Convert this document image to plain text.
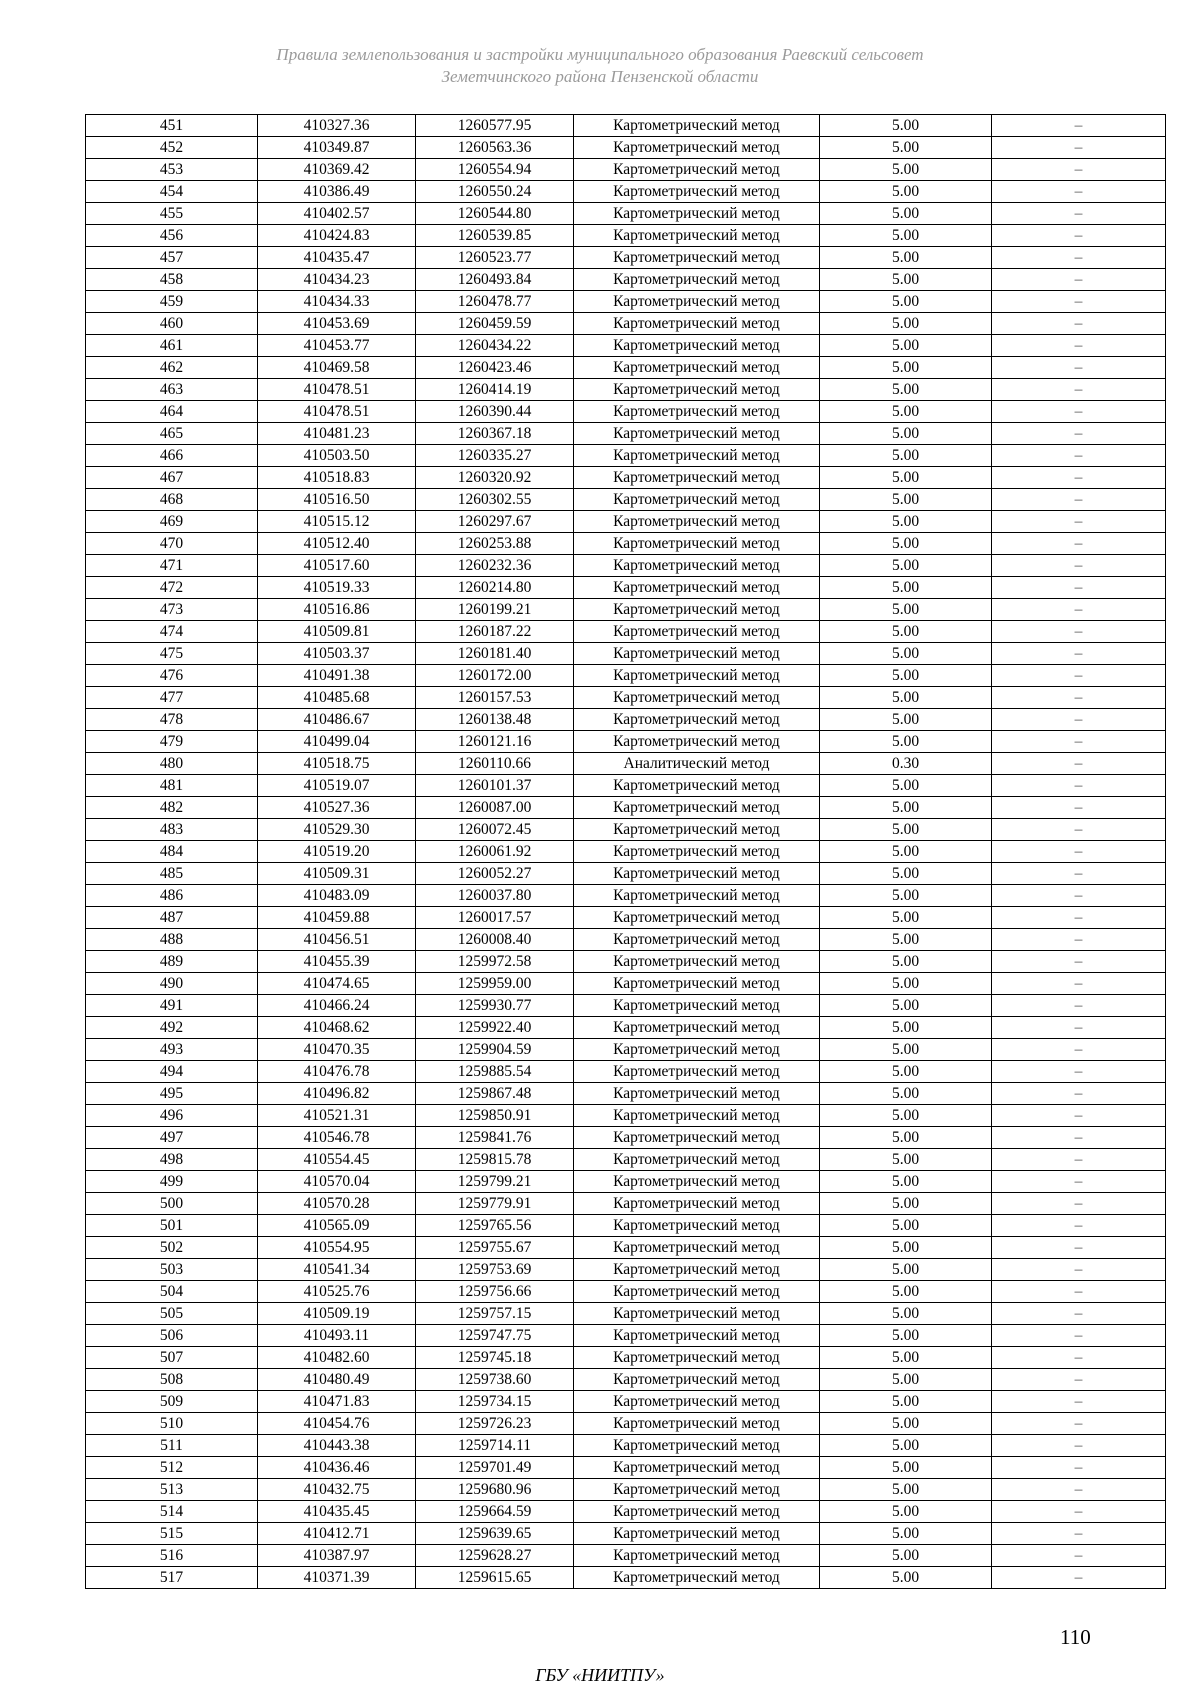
Правила землепользования и застройки муниципального образования Раевский сельсовет
Земетчинского района Пензенской области
451	410327.36	1260577.95	Картометрический метод	5.00	–
452	410349.87	1260563.36	Картометрический метод	5.00	–
453	410369.42	1260554.94	Картометрический метод	5.00	–
454	410386.49	1260550.24	Картометрический метод	5.00	–
455	410402.57	1260544.80	Картометрический метод	5.00	–
456	410424.83	1260539.85	Картометрический метод	5.00	–
457	410435.47	1260523.77	Картометрический метод	5.00	–
458	410434.23	1260493.84	Картометрический метод	5.00	–
459	410434.33	1260478.77	Картометрический метод	5.00	–
460	410453.69	1260459.59	Картометрический метод	5.00	–
461	410453.77	1260434.22	Картометрический метод	5.00	–
462	410469.58	1260423.46	Картометрический метод	5.00	–
463	410478.51	1260414.19	Картометрический метод	5.00	–
464	410478.51	1260390.44	Картометрический метод	5.00	–
465	410481.23	1260367.18	Картометрический метод	5.00	–
466	410503.50	1260335.27	Картометрический метод	5.00	–
467	410518.83	1260320.92	Картометрический метод	5.00	–
468	410516.50	1260302.55	Картометрический метод	5.00	–
469	410515.12	1260297.67	Картометрический метод	5.00	–
470	410512.40	1260253.88	Картометрический метод	5.00	–
471	410517.60	1260232.36	Картометрический метод	5.00	–
472	410519.33	1260214.80	Картометрический метод	5.00	–
473	410516.86	1260199.21	Картометрический метод	5.00	–
474	410509.81	1260187.22	Картометрический метод	5.00	–
475	410503.37	1260181.40	Картометрический метод	5.00	–
476	410491.38	1260172.00	Картометрический метод	5.00	–
477	410485.68	1260157.53	Картометрический метод	5.00	–
478	410486.67	1260138.48	Картометрический метод	5.00	–
479	410499.04	1260121.16	Картометрический метод	5.00	–
480	410518.75	1260110.66	Аналитический метод	0.30	–
481	410519.07	1260101.37	Картометрический метод	5.00	–
482	410527.36	1260087.00	Картометрический метод	5.00	–
483	410529.30	1260072.45	Картометрический метод	5.00	–
484	410519.20	1260061.92	Картометрический метод	5.00	–
485	410509.31	1260052.27	Картометрический метод	5.00	–
486	410483.09	1260037.80	Картометрический метод	5.00	–
487	410459.88	1260017.57	Картометрический метод	5.00	–
488	410456.51	1260008.40	Картометрический метод	5.00	–
489	410455.39	1259972.58	Картометрический метод	5.00	–
490	410474.65	1259959.00	Картометрический метод	5.00	–
491	410466.24	1259930.77	Картометрический метод	5.00	–
492	410468.62	1259922.40	Картометрический метод	5.00	–
493	410470.35	1259904.59	Картометрический метод	5.00	–
494	410476.78	1259885.54	Картометрический метод	5.00	–
495	410496.82	1259867.48	Картометрический метод	5.00	–
496	410521.31	1259850.91	Картометрический метод	5.00	–
497	410546.78	1259841.76	Картометрический метод	5.00	–
498	410554.45	1259815.78	Картометрический метод	5.00	–
499	410570.04	1259799.21	Картометрический метод	5.00	–
500	410570.28	1259779.91	Картометрический метод	5.00	–
501	410565.09	1259765.56	Картометрический метод	5.00	–
502	410554.95	1259755.67	Картометрический метод	5.00	–
503	410541.34	1259753.69	Картометрический метод	5.00	–
504	410525.76	1259756.66	Картометрический метод	5.00	–
505	410509.19	1259757.15	Картометрический метод	5.00	–
506	410493.11	1259747.75	Картометрический метод	5.00	–
507	410482.60	1259745.18	Картометрический метод	5.00	–
508	410480.49	1259738.60	Картометрический метод	5.00	–
509	410471.83	1259734.15	Картометрический метод	5.00	–
510	410454.76	1259726.23	Картометрический метод	5.00	–
511	410443.38	1259714.11	Картометрический метод	5.00	–
512	410436.46	1259701.49	Картометрический метод	5.00	–
513	410432.75	1259680.96	Картометрический метод	5.00	–
514	410435.45	1259664.59	Картометрический метод	5.00	–
515	410412.71	1259639.65	Картометрический метод	5.00	–
516	410387.97	1259628.27	Картометрический метод	5.00	–
517	410371.39	1259615.65	Картометрический метод	5.00	–
110
ГБУ «НИИТПУ»
